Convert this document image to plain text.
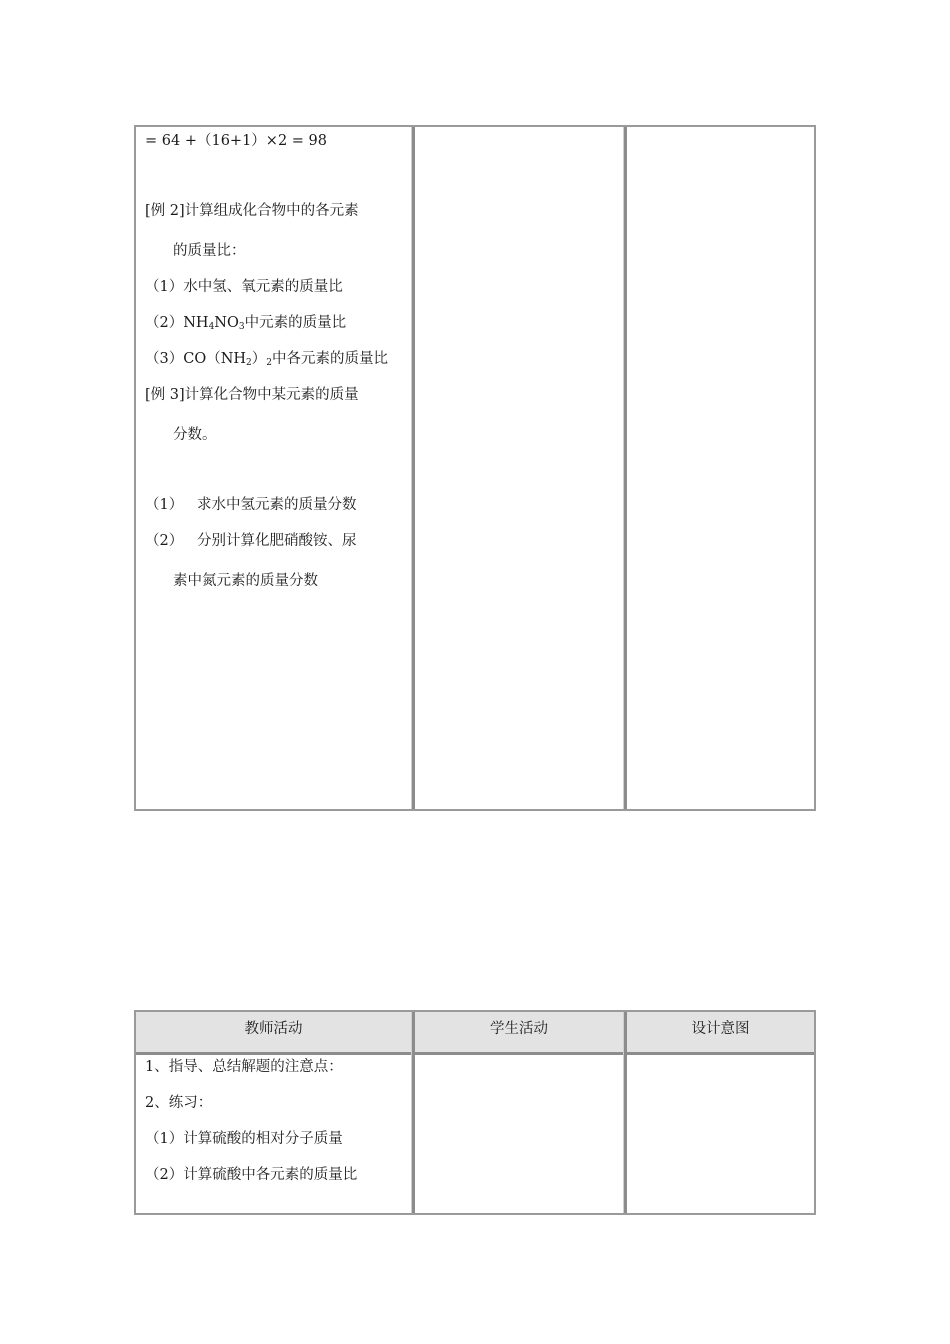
= 64 +（16+1）×2 = 98
[例 2]计算组成化合物中的各元素
的质量比：
（1）水中氢、氧元素的质量比
$(2)NH_4NO_3$中元素的质量比
$(3)CO(NH_2)_2$中各元素的质量比
[例 3]计算化合物中某元素的质量
分数。
（1）   求水中氢元素的质量分数
（2）   分别计算化肥硝酸铵、尿
素中氮元素的质量分数
教师活动	学生活动	设计意图
1、指导、总结解题的注意点：
2、练习：
（1）计算硫酸的相对分子质量
（2）计算硫酸中各元素的质量比
